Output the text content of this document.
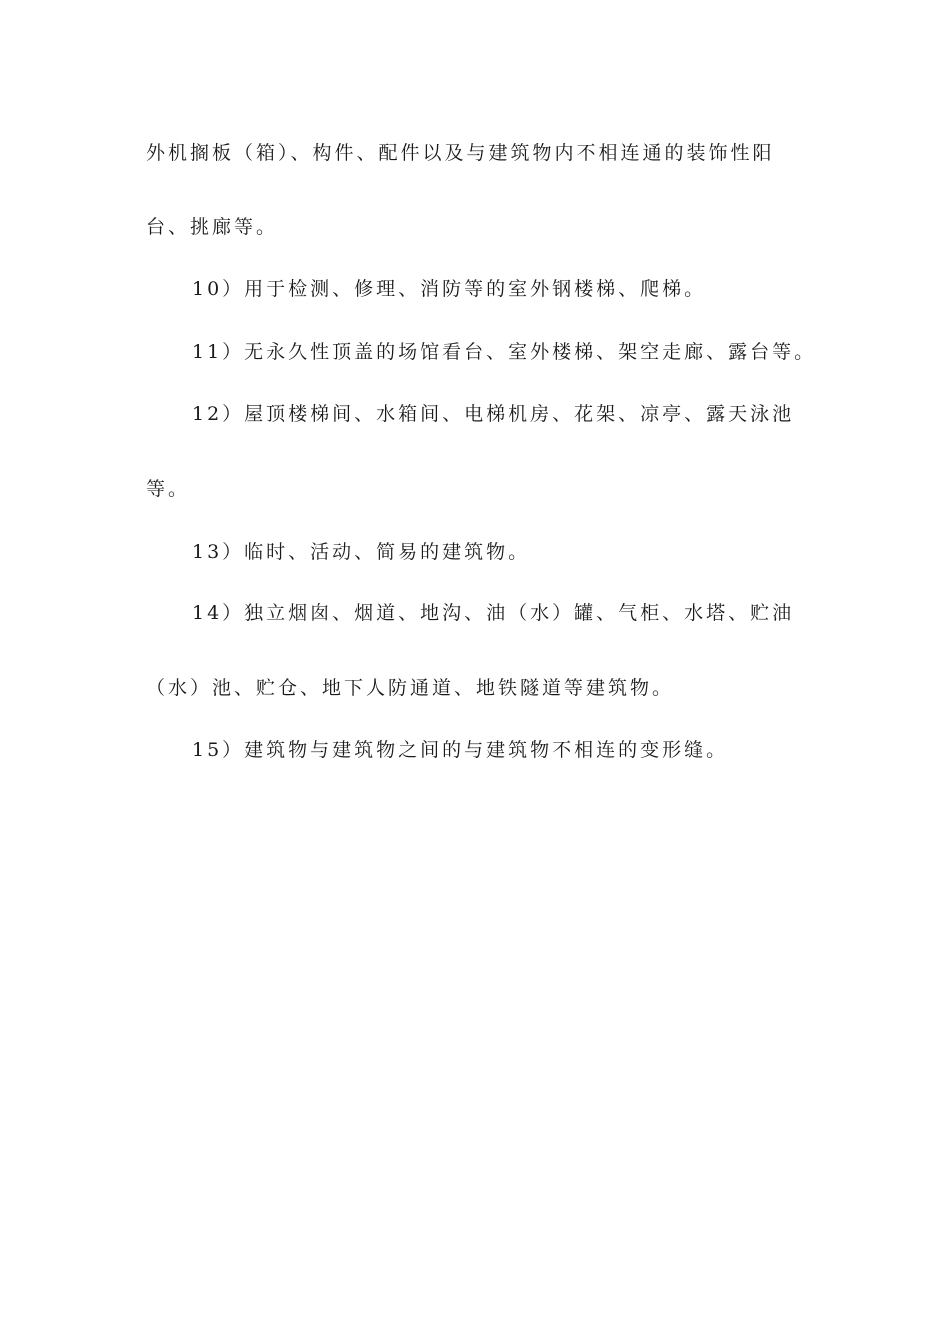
外机搁板（箱）、构件、配件以及与建筑物内不相连通的装饰性阳
台、挑廊等。
10）用于检测、修理、消防等的室外钢楼梯、爬梯。
11）无永久性顶盖的场馆看台、室外楼梯、架空走廊、露台等。
12）屋顶楼梯间、水箱间、电梯机房、花架、凉亭、露天泳池
等。
13）临时、活动、简易的建筑物。
14）独立烟囱、烟道、地沟、油（水）罐、气柜、水塔、贮油
（水）池、贮仓、地下人防通道、地铁隧道等建筑物。
15）建筑物与建筑物之间的与建筑物不相连的变形缝。
